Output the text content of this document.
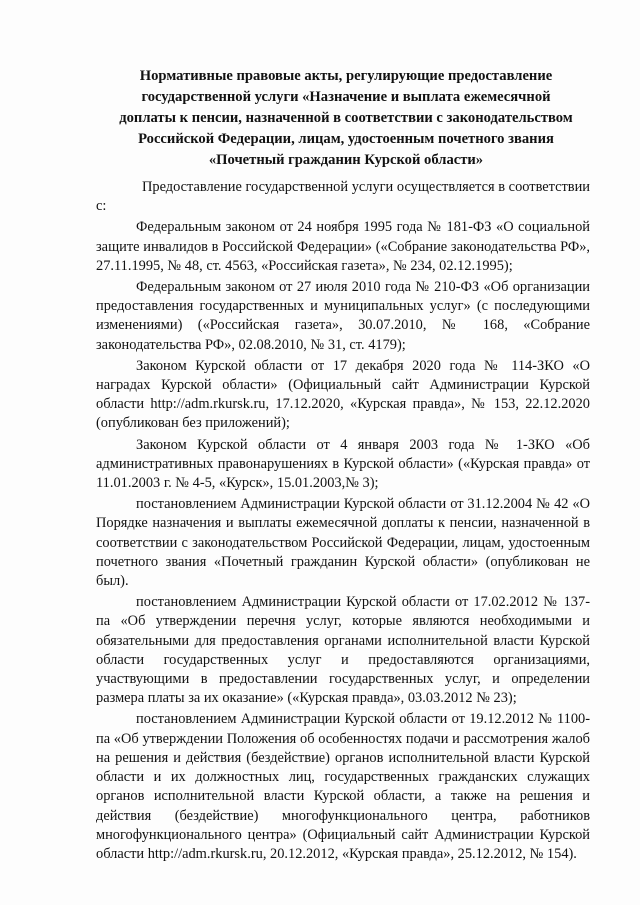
Нормативные правовые акты, регулирующие предоставление
государственной услуги «Назначение и выплата ежемесячной
доплаты к пенсии, назначенной в соответствии с законодательством
Российской Федерации, лицам, удостоенным почетного звания
«Почетный гражданин Курской области»

Предоставление государственной услуги осуществляется в соответствии с:

Федеральным законом от 24 ноября 1995 года № 181-ФЗ «О социальной защите инвалидов в Российской Федерации» («Собрание законодательства РФ», 27.11.1995, № 48, ст. 4563, «Российская газета», № 234, 02.12.1995);

Федеральным законом от 27 июля 2010 года № 210-ФЗ «Об организации предоставления государственных и муниципальных услуг» (с последующими изменениями) («Российская газета», 30.07.2010, № 168, «Собрание законодательства РФ», 02.08.2010, № 31, ст. 4179);

Законом Курской области от 17 декабря 2020 года № 114-ЗКО «О наградах Курской области» (Официальный сайт Администрации Курской области http://adm.rkursk.ru, 17.12.2020, «Курская правда», № 153, 22.12.2020 (опубликован без приложений);

Законом Курской области от 4 января 2003 года № 1-ЗКО «Об административных правонарушениях в Курской области» («Курская правда» от 11.01.2003 г. № 4-5, «Курск», 15.01.2003,№ 3);

постановлением Администрации Курской области от 31.12.2004 № 42 «О Порядке назначения и выплаты ежемесячной доплаты к пенсии, назначенной в соответствии с законодательством Российской Федерации, лицам, удостоенным почетного звания «Почетный гражданин Курской области» (опубликован не был).

постановлением Администрации Курской области от 17.02.2012 № 137-па «Об утверждении перечня услуг, которые являются необходимыми и обязательными для предоставления органами исполнительной власти Курской области государственных услуг и предоставляются организациями, участвующими в предоставлении государственных услуг, и определении размера платы за их оказание» («Курская правда», 03.03.2012 № 23);

постановлением Администрации Курской области от 19.12.2012 № 1100-па «Об утверждении Положения об особенностях подачи и рассмотрения жалоб на решения и действия (бездействие) органов исполнительной власти Курской области и их должностных лиц, государственных гражданских служащих органов исполнительной власти Курской области, а также на решения и действия (бездействие) многофункционального центра, работников многофункционального центра» (Официальный сайт Администрации Курской области http://adm.rkursk.ru, 20.12.2012, «Курская правда», 25.12.2012, № 154).
